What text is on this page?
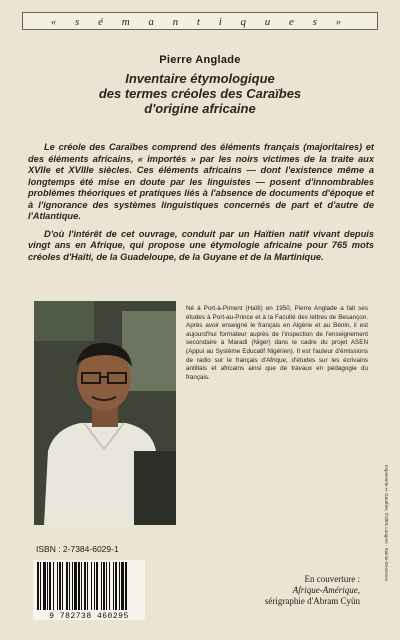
« s é m a n t i q u e s »
Pierre Anglade
Inventaire étymologique
des termes créoles des Caraïbes
d'origine africaine

Le créole des Caraïbes comprend des éléments français (majoritaires) et des éléments africains, « importés » par les noirs victimes de la traite aux XVIIe et XVIIIe siècles. Ces éléments africains — dont l'existence même a longtemps été mise en doute par les linguistes — posent d'innombrables problèmes théoriques et pratiques liés à l'absence de documents d'époque et à l'ignorance des systèmes linguistiques concernés de part et d'autre de l'Atlantique.

D'où l'intérêt de cet ouvrage, conduit par un Haïtien natif vivant depuis vingt ans en Afrique, qui propose une étymologie africaine pour 765 mots créoles d'Haïti, de la Guadeloupe, de la Guyane et de la Martinique.

Né à Port-à-Piment (Haïti) en 1950, Pierre Anglade a fait ses études à Port-au-Prince et à la Faculté des lettres de Besançon. Après avoir enseigné le français en Algérie et au Bénin, il est aujourd'hui formateur auprès de l'inspection de l'enseignement secondaire à Maradi (Niger) dans le cadre du projet ASEN (Appui au Système Educatif Nigérien). Il est l'auteur d'émissions de radio sur le français d'Afrique, d'études sur les écrivains antillais et africains ainsi que de travaux en pédagogie du français.
ISBN : 2-7384-6029-1
9 782738 460295
En couverture :
Afrique-Amérique,
sérigraphie d'Abram Cyün
Imprimerie H. Gauthier, ©2001 Langres - Saints-Geosmes
